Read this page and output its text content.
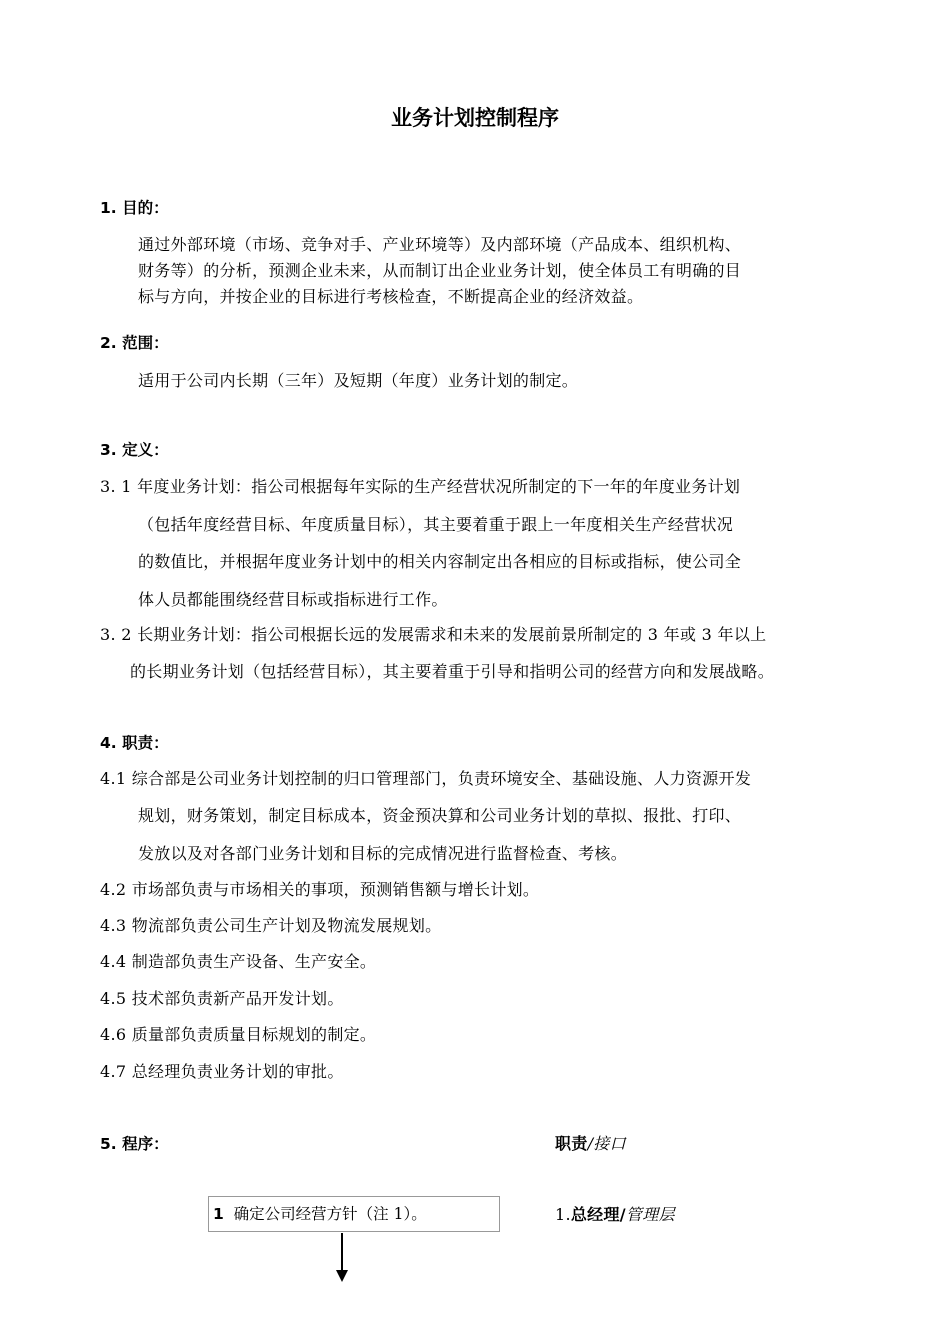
业务计划控制程序
1. 目的：
通过外部环境（市场、竞争对手、产业环境等）及内部环境（产品成本、组织机构、
财务等）的分析，预测企业未来，从而制订出企业业务计划，使全体员工有明确的目
标与方向，并按企业的目标进行考核检查，不断提高企业的经济效益。
2. 范围：
适用于公司内长期（三年）及短期（年度）业务计划的制定。
3. 定义：
3. 1 年度业务计划：指公司根据每年实际的生产经营状况所制定的下一年的年度业务计划
（包括年度经营目标、年度质量目标），其主要着重于跟上一年度相关生产经营状况
的数值比，并根据年度业务计划中的相关内容制定出各相应的目标或指标，使公司全
体人员都能围绕经营目标或指标进行工作。
3. 2 长期业务计划：指公司根据长远的发展需求和未来的发展前景所制定的 3 年或 3 年以上
的长期业务计划（包括经营目标），其主要着重于引导和指明公司的经营方向和发展战略。
4. 职责：
4.1 综合部是公司业务计划控制的归口管理部门，负责环境安全、基础设施、人力资源开发
规划，财务策划，制定目标成本，资金预决算和公司业务计划的草拟、报批、打印、
发放以及对各部门业务计划和目标的完成情况进行监督检查、考核。
4.2 市场部负责与市场相关的事项，预测销售额与增长计划。
4.3 物流部负责公司生产计划及物流发展规划。
4.4 制造部负责生产设备、生产安全。
4.5 技术部负责新产品开发计划。
4.6 质量部负责质量目标规划的制定。
4.7 总经理负责业务计划的审批。
5. 程序：	职责/接口
1 确定公司经营方针（注 1）。	1.总经理/管理层
